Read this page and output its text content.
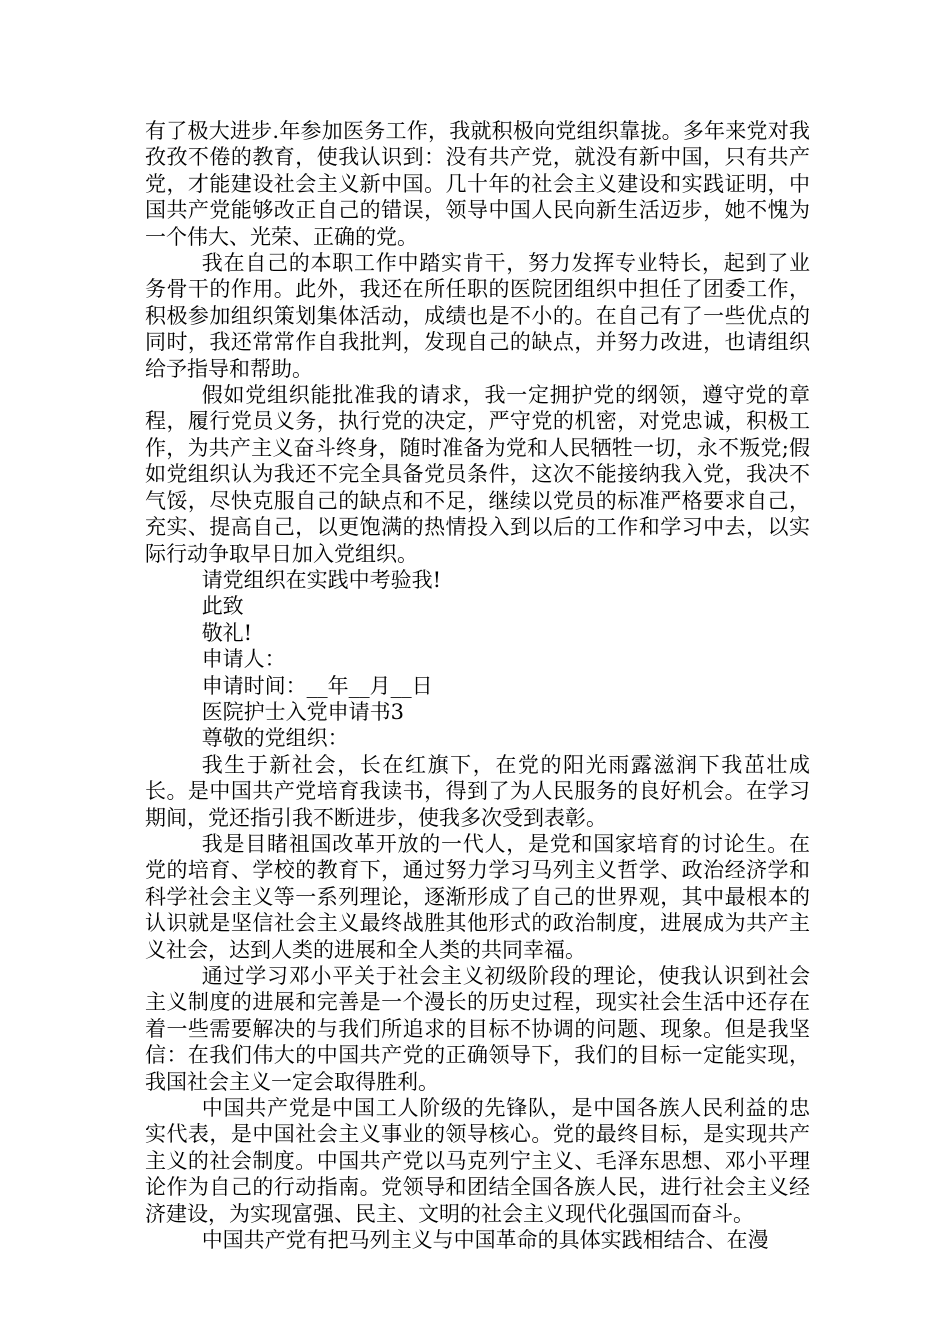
有了极大进步.年参加医务工作，我就积极向党组织靠拢。多年来党对我孜孜不倦的教育，使我认识到：没有共产党，就没有新中国，只有共产党，才能建设社会主义新中国。几十年的社会主义建设和实践证明，中国共产党能够改正自己的错误，领导中国人民向新生活迈步，她不愧为一个伟大、光荣、正确的党。

我在自己的本职工作中踏实肯干，努力发挥专业特长，起到了业务骨干的作用。此外，我还在所任职的医院团组织中担任了团委工作，积极参加组织策划集体活动，成绩也是不小的。在自己有了一些优点的同时，我还常常作自我批判，发现自己的缺点，并努力改进，也请组织给予指导和帮助。

假如党组织能批准我的请求，我一定拥护党的纲领，遵守党的章程，履行党员义务，执行党的决定，严守党的机密，对党忠诚，积极工作，为共产主义奋斗终身，随时准备为党和人民牺牲一切，永不叛党;假如党组织认为我还不完全具备党员条件，这次不能接纳我入党，我决不气馁，尽快克服自己的缺点和不足，继续以党员的标准严格要求自己，充实、提高自己，以更饱满的热情投入到以后的工作和学习中去，以实际行动争取早日加入党组织。

请党组织在实践中考验我!

此致

敬礼!

申请人：

申请时间：__年__月__日

医院护士入党申请书3

尊敬的党组织：

我生于新社会，长在红旗下，在党的阳光雨露滋润下我茁壮成长。是中国共产党培育我读书，得到了为人民服务的良好机会。在学习期间，党还指引我不断进步，使我多次受到表彰。

我是目睹祖国改革开放的一代人，是党和国家培育的讨论生。在党的培育、学校的教育下，通过努力学习马列主义哲学、政治经济学和科学社会主义等一系列理论，逐渐形成了自己的世界观，其中最根本的认识就是坚信社会主义最终战胜其他形式的政治制度，进展成为共产主义社会，达到人类的进展和全人类的共同幸福。

通过学习邓小平关于社会主义初级阶段的理论，使我认识到社会主义制度的进展和完善是一个漫长的历史过程，现实社会生活中还存在着一些需要解决的与我们所追求的目标不协调的问题、现象。但是我坚信：在我们伟大的中国共产党的正确领导下，我们的目标一定能实现，我国社会主义一定会取得胜利。

中国共产党是中国工人阶级的先锋队，是中国各族人民利益的忠实代表，是中国社会主义事业的领导核心。党的最终目标，是实现共产主义的社会制度。中国共产党以马克列宁主义、毛泽东思想、邓小平理论作为自己的行动指南。党领导和团结全国各族人民，进行社会主义经济建设，为实现富强、民主、文明的社会主义现代化强国而奋斗。

中国共产党有把马列主义与中国革命的具体实践相结合、在漫
